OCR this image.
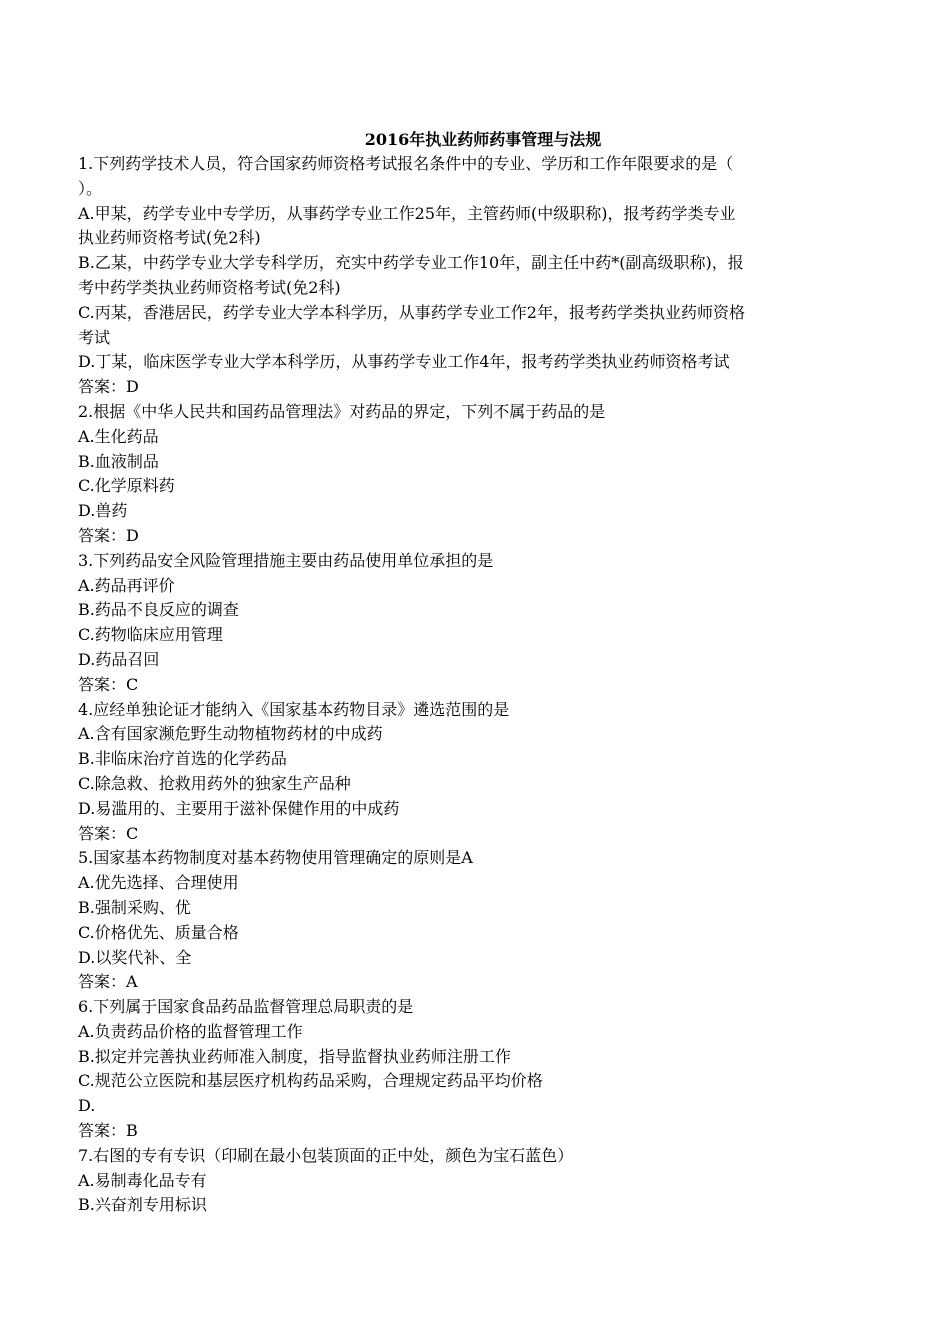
2016年执业药师药事管理与法规

1.下列药学技术人员，符合国家药师资格考试报名条件中的专业、学历和工作年限要求的是（

）。

A.甲某，药学专业中专学历，从事药学专业工作25年，主管药师(中级职称)，报考药学类专业

执业药师资格考试(免2科)

B.乙某，中药学专业大学专科学历，充实中药学专业工作10年，副主任中药*(副高级职称)，报

考中药学类执业药师资格考试(免2科)

C.丙某，香港居民，药学专业大学本科学历，从事药学专业工作2年，报考药学类执业药师资格

考试

D.丁某，临床医学专业大学本科学历，从事药学专业工作4年，报考药学类执业药师资格考试

答案：D

2.根据《中华人民共和国药品管理法》对药品的界定，下列不属于药品的是

A.生化药品

B.血液制品

C.化学原料药

D.兽药

答案：D

3.下列药品安全风险管理措施主要由药品使用单位承担的是

A.药品再评价

B.药品不良反应的调查

C.药物临床应用管理

D.药品召回

答案：C

4.应经单独论证才能纳入《国家基本药物目录》遴选范围的是

A.含有国家濒危野生动物植物药材的中成药

B.非临床治疗首选的化学药品

C.除急救、抢救用药外的独家生产品种

D.易滥用的、主要用于滋补保健作用的中成药

答案：C

5.国家基本药物制度对基本药物使用管理确定的原则是A

A.优先选择、合理使用

B.强制采购、优

C.价格优先、质量合格

D.以奖代补、全

答案：A

6.下列属于国家食品药品监督管理总局职责的是

A.负责药品价格的监督管理工作

B.拟定并完善执业药师准入制度，指导监督执业药师注册工作

C.规范公立医院和基层医疗机构药品采购，合理规定药品平均价格

D.

答案：B

7.右图的专有专识（印刷在最小包装顶面的正中处，颜色为宝石蓝色）

A.易制毒化品专有

B.兴奋剂专用标识
